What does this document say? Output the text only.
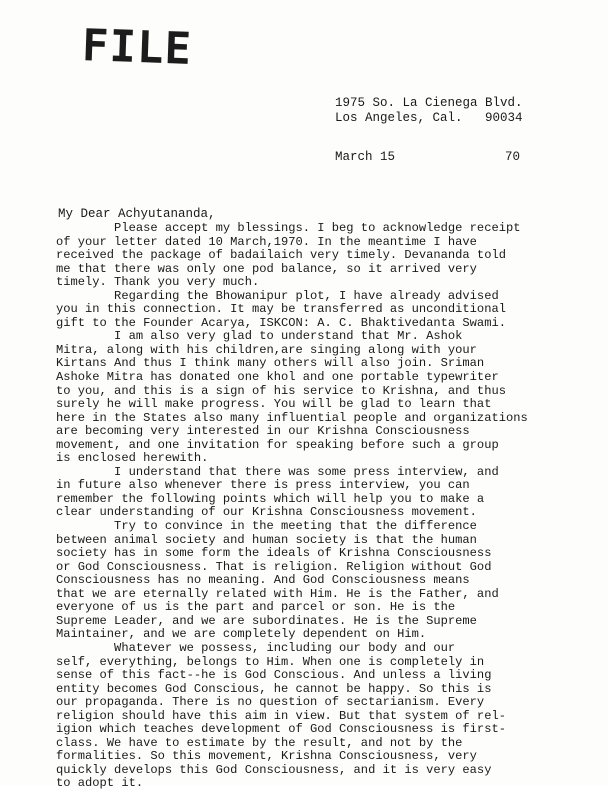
FILE
1975 So. La Cienega Blvd.
Los Angeles, Cal.   90034
March 15	70
My Dear Achyutananda,
Please accept my blessings. I beg to acknowledge receipt
of your letter dated 10 March,1970. In the meantime I have
received the package of badailaich very timely. Devananda told
me that there was only one pod balance, so it arrived very
timely. Thank you very much.
Regarding the Bhowanipur plot, I have already advised
you in this connection. It may be transferred as unconditional
gift to the Founder Acarya, ISKCON: A. C. Bhaktivedanta Swami.
I am also very glad to understand that Mr. Ashok
Mitra, along with his children,are singing along with your
Kirtans And thus I think many others will also join. Sriman
Ashoke Mitra has donated one khol and one portable typewriter
to you, and this is a sign of his service to Krishna, and thus
surely he will make progress. You will be glad to learn that
here in the States also many influential people and organizations
are becoming very interested in our Krishna Consciousness
movement, and one invitation for speaking before such a group
is enclosed herewith.
I understand that there was some press interview, and
in future also whenever there is press interview, you can
remember the following points which will help you to make a
clear understanding of our Krishna Consciousness movement.
Try to convince in the meeting that the difference
between animal society and human society is that the human
society has in some form the ideals of Krishna Consciousness
or God Consciousness. That is religion. Religion without God
Consciousness has no meaning. And God Consciousness means
that we are eternally related with Him. He is the Father, and
everyone of us is the part and parcel or son. He is the
Supreme Leader, and we are subordinates. He is the Supreme
Maintainer, and we are completely dependent on Him.
Whatever we possess, including our body and our
self, everything, belongs to Him. When one is completely in
sense of this fact--he is God Conscious. And unless a living
entity becomes God Conscious, he cannot be happy. So this is
our propaganda. There is no question of sectarianism. Every
religion should have this aim in view. But that system of rel-
igion which teaches development of God Consciousness is first-
class. We have to estimate by the result, and not by the
formalities. So this movement, Krishna Consciousness, very
quickly develops this God Consciousness, and it is very easy
to adopt it.
